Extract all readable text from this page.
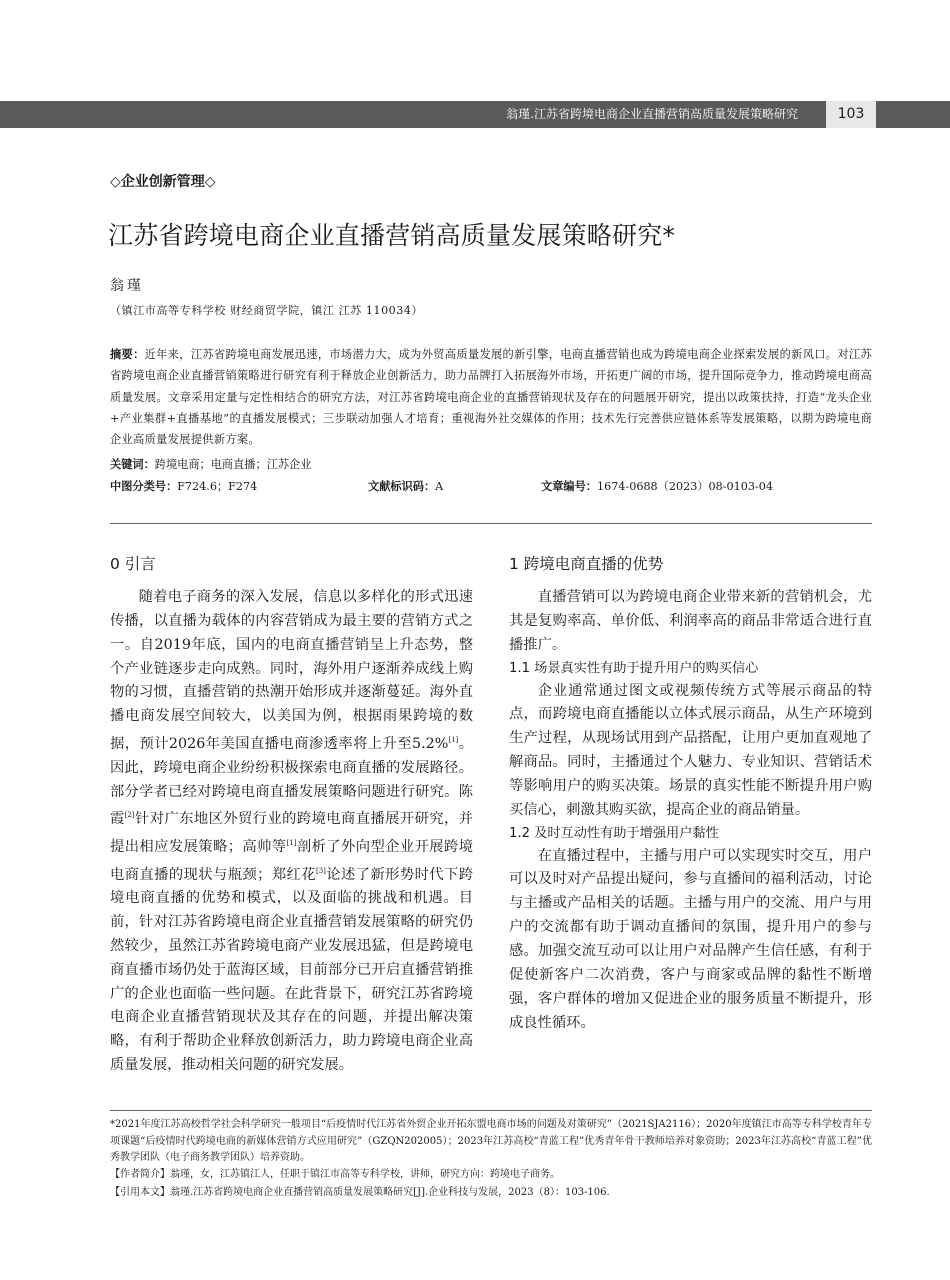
翁瑾.江苏省跨境电商企业直播营销高质量发展策略研究	103
◇企业创新管理◇
江苏省跨境电商企业直播营销高质量发展策略研究*
翁瑾
（镇江市高等专科学校 财经商贸学院，镇江 江苏 110034）
摘要：近年来，江苏省跨境电商发展迅速，市场潜力大，成为外贸高质量发展的新引擎，电商直播营销也成为跨境电商企业探索发展的新风口。对江苏省跨境电商企业直播营销策略进行研究有利于释放企业创新活力，助力品牌打入拓展海外市场，开拓更广阔的市场，提升国际竞争力，推动跨境电商高质量发展。文章采用定量与定性相结合的研究方法，对江苏省跨境电商企业的直播营销现状及存在的问题展开研究，提出以政策扶持，打造“龙头企业+产业集群+直播基地”的直播发展模式；三步联动加强人才培育；重视海外社交媒体的作用；技术先行完善供应链体系等发展策略，以期为跨境电商企业高质量发展提供新方案。
关键词：跨境电商；电商直播；江苏企业
中图分类号：F724.6；F274	文献标识码：A	文章编号：1674-0688（2023）08-0103-04
0 引言

随着电子商务的深入发展，信息以多样化的形式迅速传播，以直播为载体的内容营销成为最主要的营销方式之一。自2019年底，国内的电商直播营销呈上升态势，整个产业链逐步走向成熟。同时，海外用户逐渐养成线上购物的习惯，直播营销的热潮开始形成并逐渐蔓延。海外直播电商发展空间较大，以美国为例，根据雨果跨境的数据，预计2026年美国直播电商渗透率将上升至5.2%[1]。因此，跨境电商企业纷纷积极探索电商直播的发展路径。部分学者已经对跨境电商直播发展策略问题进行研究。陈霞[2]针对广东地区外贸行业的跨境电商直播展开研究，并提出相应发展策略；高帅等[1]剖析了外向型企业开展跨境电商直播的现状与瓶颈；郑红花[3]论述了新形势时代下跨境电商直播的优势和模式，以及面临的挑战和机遇。目前，针对江苏省跨境电商企业直播营销发展策略的研究仍然较少，虽然江苏省跨境电商产业发展迅猛，但是跨境电商直播市场仍处于蓝海区域，目前部分已开启直播营销推广的企业也面临一些问题。在此背景下，研究江苏省跨境电商企业直播营销现状及其存在的问题，并提出解决策略，有利于帮助企业释放创新活力，助力跨境电商企业高质量发展，推动相关问题的研究发展。

1 跨境电商直播的优势

直播营销可以为跨境电商企业带来新的营销机会，尤其是复购率高、单价低、利润率高的商品非常适合进行直播推广。

1.1 场景真实性有助于提升用户的购买信心

企业通常通过图文或视频传统方式等展示商品的特点，而跨境电商直播能以立体式展示商品，从生产环境到生产过程，从现场试用到产品搭配，让用户更加直观地了解商品。同时，主播通过个人魅力、专业知识、营销话术等影响用户的购买决策。场景的真实性能不断提升用户购买信心，刺激其购买欲，提高企业的商品销量。

1.2 及时互动性有助于增强用户黏性

在直播过程中，主播与用户可以实现实时交互，用户可以及时对产品提出疑问，参与直播间的福利活动，讨论与主播或产品相关的话题。主播与用户的交流、用户与用户的交流都有助于调动直播间的氛围，提升用户的参与感。加强交流互动可以让用户对品牌产生信任感，有利于促使新客户二次消费，客户与商家或品牌的黏性不断增强，客户群体的增加又促进企业的服务质量不断提升，形成良性循环。

*2021年度江苏高校哲学社会科学研究一般项目“后疫情时代江苏省外贸企业开拓东盟电商市场的问题及对策研究”（2021SJA2116）；2020年度镇江市高等专科学校青年专项课题“后疫情时代跨境电商的新媒体营销方式应用研究”（GZQN202005）；2023年江苏高校“青蓝工程”优秀青年骨干教师培养对象资助；2023年江苏高校“青蓝工程”优秀教学团队（电子商务教学团队）培养资助。
【作者简介】翁瑾，女，江苏镇江人，任职于镇江市高等专科学校，讲师，研究方向：跨境电子商务。
【引用本文】翁瑾.江苏省跨境电商企业直播营销高质量发展策略研究[J].企业科技与发展，2023（8）：103-106.
